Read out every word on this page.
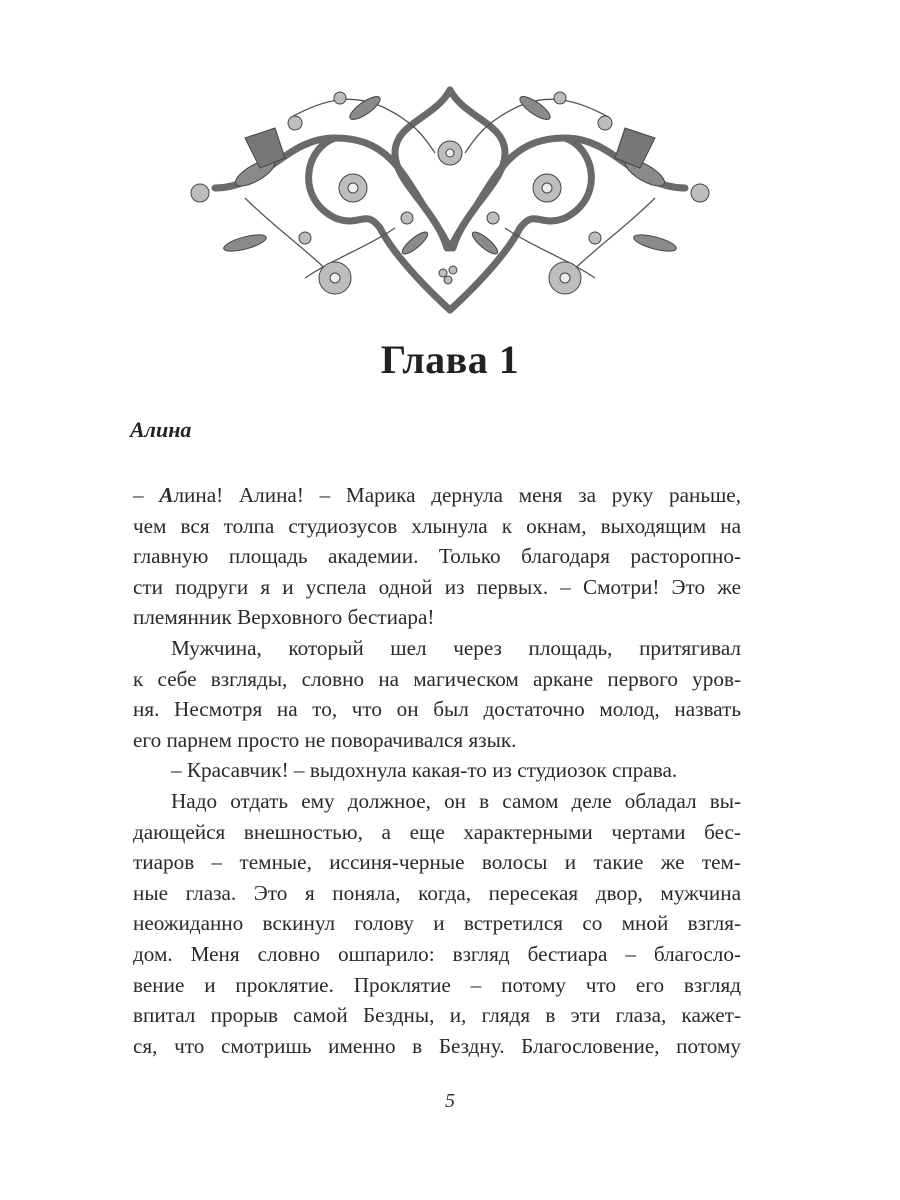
Глава 1
Алина
– Алина! Алина! – Марика дернула меня за руку раньше,
чем вся толпа студиозусов хлынула к окнам, выходящим на
главную площадь академии. Только благодаря расторопно-
сти подруги я и успела одной из первых. – Смотри! Это же
племянник Верховного бестиара!
Мужчина, который шел через площадь, притягивал
к себе взгляды, словно на магическом аркане первого уров-
ня. Несмотря на то, что он был достаточно молод, назвать
его парнем просто не поворачивался язык.
– Красавчик! – выдохнула какая-то из студиозок справа.
Надо отдать ему должное, он в самом деле обладал вы-
дающейся внешностью, а еще характерными чертами бес-
тиаров – темные, иссиня-черные волосы и такие же тем-
ные глаза. Это я поняла, когда, пересекая двор, мужчина
неожиданно вскинул голову и встретился со мной взгля-
дом. Меня словно ошпарило: взгляд бестиара – благосло-
вение и проклятие. Проклятие – потому что его взгляд
впитал прорыв самой Бездны, и, глядя в эти глаза, кажет-
ся, что смотришь именно в Бездну. Благословение, потому
5
